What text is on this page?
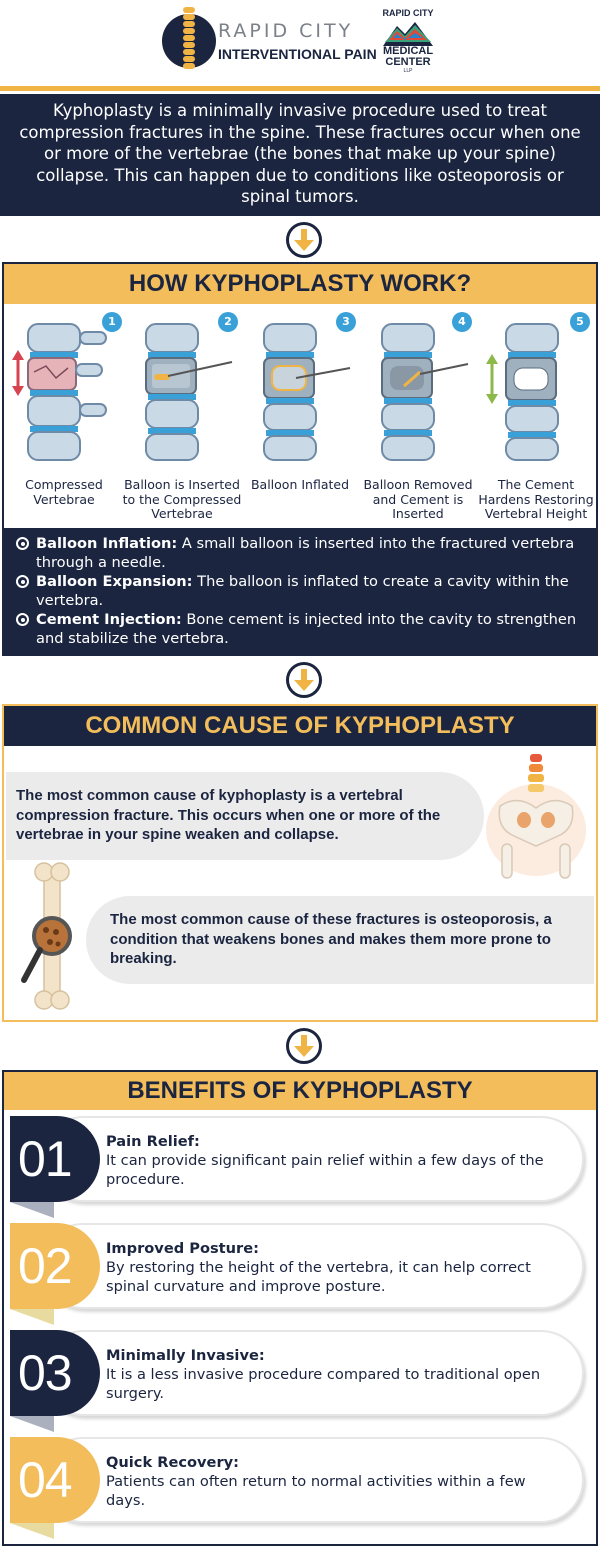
RAPID CITY
INTERVENTIONAL PAIN
RAPID CITY
MEDICAL
CENTER
LLP
Kyphoplasty is a minimally invasive procedure used to treat compression fractures in the spine. These fractures occur when one or more of the vertebrae (the bones that make up your spine) collapse. This can happen due to conditions like osteoporosis or spinal tumors.
HOW KYPHOPLASTY WORK?
1
Compressed Vertebrae
2
Balloon is Inserted to the Compressed Vertebrae
3
Balloon Inflated
4
Balloon Removed and Cement is Inserted
5
The Cement Hardens Restoring Vertebral Height
Balloon Inflation: A small balloon is inserted into the fractured vertebra through a needle.
Balloon Expansion: The balloon is inflated to create a cavity within the vertebra.
Cement Injection: Bone cement is injected into the cavity to strengthen and stabilize the vertebra.
COMMON CAUSE OF KYPHOPLASTY
The most common cause of kyphoplasty is a vertebral compression fracture. This occurs when one or more of the vertebrae in your spine weaken and collapse.
The most common cause of these fractures is osteoporosis, a condition that weakens bones and makes them more prone to breaking.
BENEFITS OF KYPHOPLASTY
01 Pain Relief:
It can provide significant pain relief within a few days of the procedure.
02 Improved Posture:
By restoring the height of the vertebra, it can help correct spinal curvature and improve posture.
03 Minimally Invasive:
It is a less invasive procedure compared to traditional open surgery.
04 Quick Recovery:
Patients can often return to normal activities within a few days.
